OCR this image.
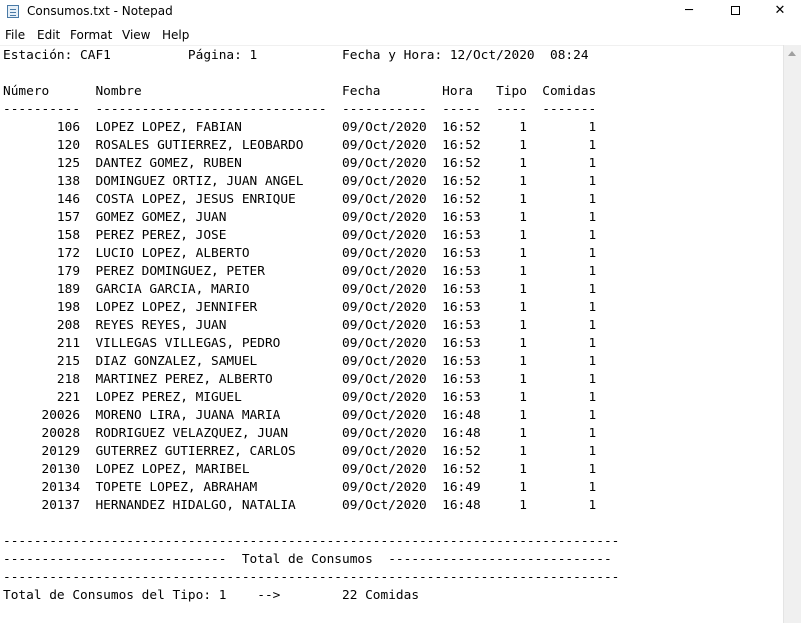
Consumos.txt - Notepad	─	✕
File Edit Format View Help
Estación: CAF1          Página: 1           Fecha y Hora: 12/Oct/2020  08:24

Número      Nombre                          Fecha        Hora   Tipo  Comidas
----------  ------------------------------  -----------  -----  ----  -------
106  LOPEZ LOPEZ, FABIAN             09/Oct/2020  16:52     1        1
120  ROSALES GUTIERREZ, LEOBARDO     09/Oct/2020  16:52     1        1
125  DANTEZ GOMEZ, RUBEN             09/Oct/2020  16:52     1        1
138  DOMINGUEZ ORTIZ, JUAN ANGEL     09/Oct/2020  16:52     1        1
146  COSTA LOPEZ, JESUS ENRIQUE      09/Oct/2020  16:52     1        1
157  GOMEZ GOMEZ, JUAN               09/Oct/2020  16:53     1        1
158  PEREZ PEREZ, JOSE               09/Oct/2020  16:53     1        1
172  LUCIO LOPEZ, ALBERTO            09/Oct/2020  16:53     1        1
179  PEREZ DOMINGUEZ, PETER          09/Oct/2020  16:53     1        1
189  GARCIA GARCIA, MARIO            09/Oct/2020  16:53     1        1
198  LOPEZ LOPEZ, JENNIFER           09/Oct/2020  16:53     1        1
208  REYES REYES, JUAN               09/Oct/2020  16:53     1        1
211  VILLEGAS VILLEGAS, PEDRO        09/Oct/2020  16:53     1        1
215  DIAZ GONZALEZ, SAMUEL           09/Oct/2020  16:53     1        1
218  MARTINEZ PEREZ, ALBERTO         09/Oct/2020  16:53     1        1
221  LOPEZ PEREZ, MIGUEL             09/Oct/2020  16:53     1        1
20026  MORENO LIRA, JUANA MARIA        09/Oct/2020  16:48     1        1
20028  RODRIGUEZ VELAZQUEZ, JUAN       09/Oct/2020  16:48     1        1
20129  GUTERREZ GUTIERREZ, CARLOS      09/Oct/2020  16:52     1        1
20130  LOPEZ LOPEZ, MARIBEL            09/Oct/2020  16:52     1        1
20134  TOPETE LOPEZ, ABRAHAM           09/Oct/2020  16:49     1        1
20137  HERNANDEZ HIDALGO, NATALIA      09/Oct/2020  16:48     1        1

--------------------------------------------------------------------------------
-----------------------------  Total de Consumos  -----------------------------
--------------------------------------------------------------------------------
Total de Consumos del Tipo: 1    -->        22 Comidas
